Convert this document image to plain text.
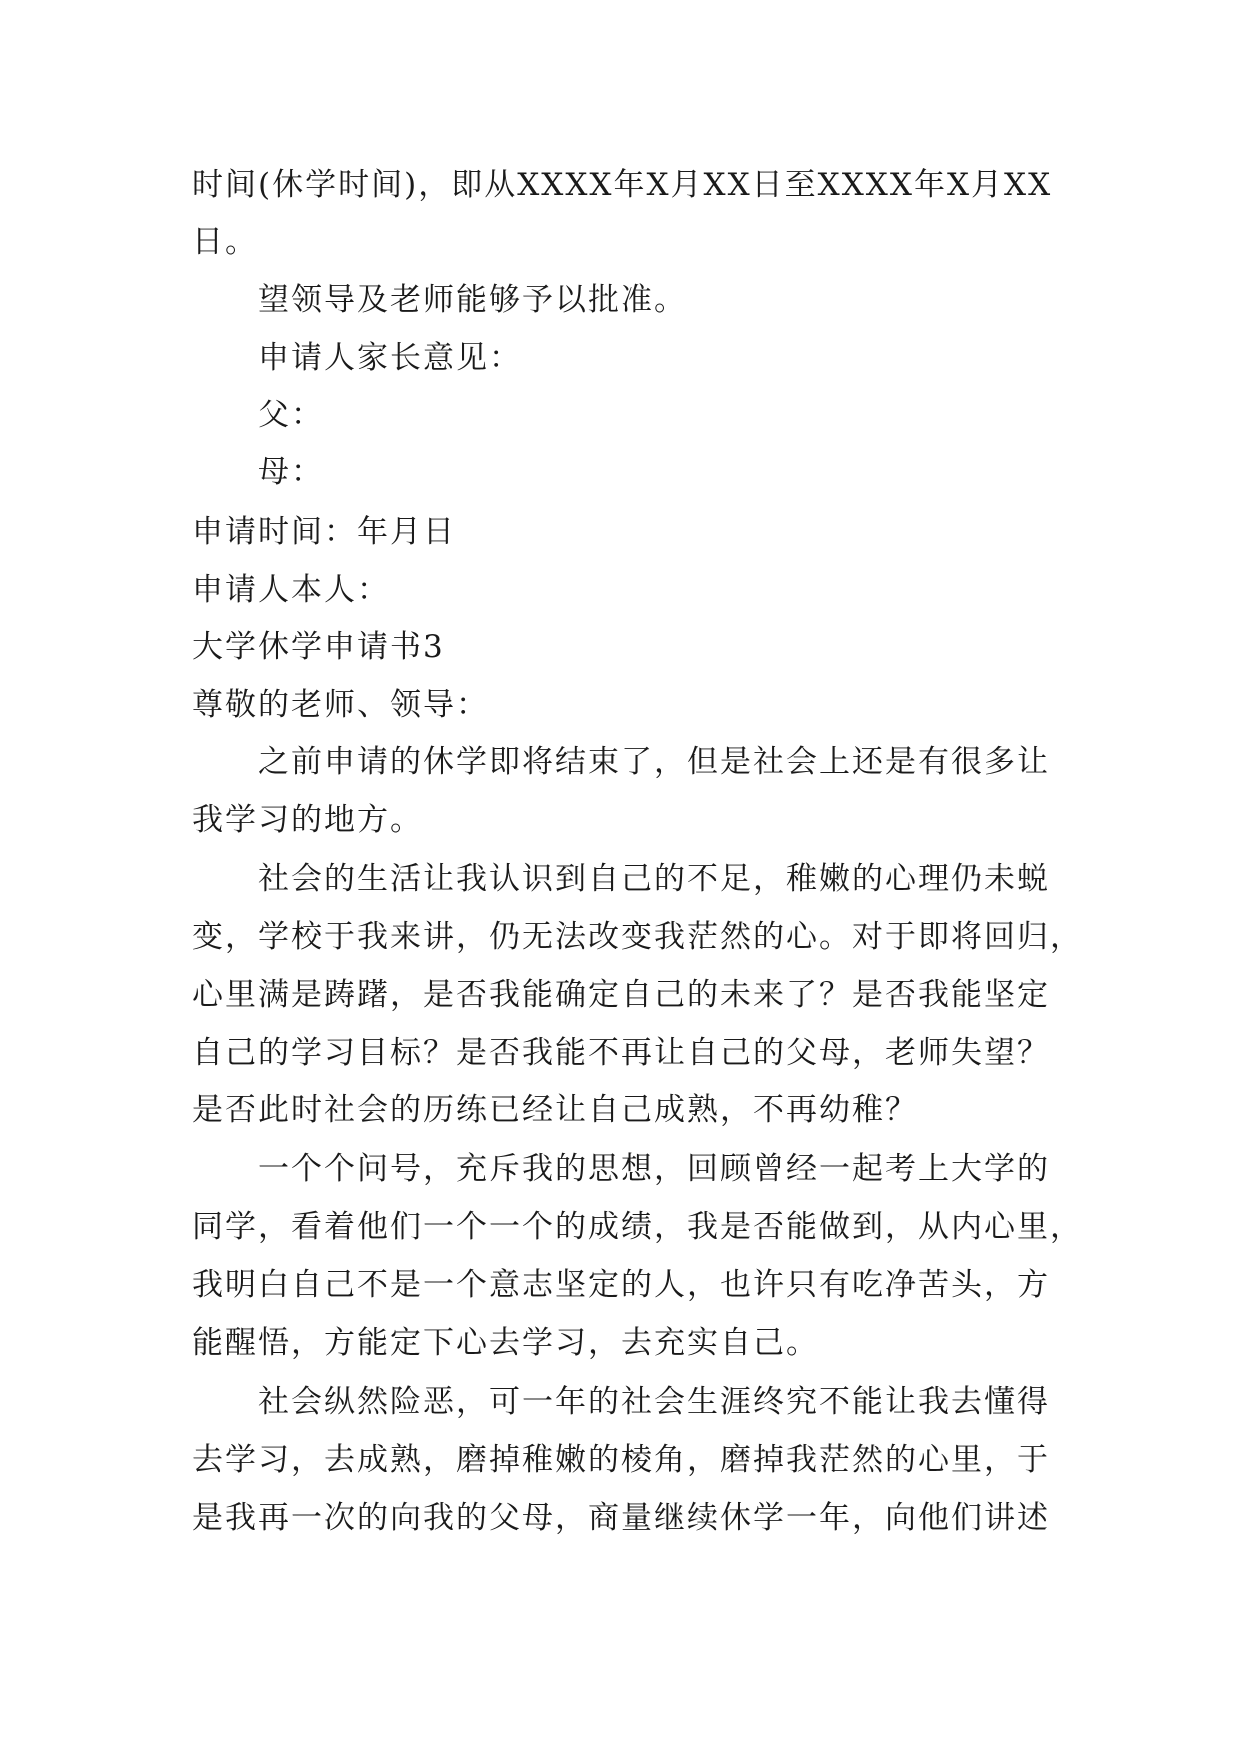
时间(休学时间)，即从XXXX年X月XX日至XXXX年X月XX
日。
望领导及老师能够予以批准。
申请人家长意见：
父：
母：
申请时间：年月日
申请人本人：
大学休学申请书3
尊敬的老师、领导：
之前申请的休学即将结束了，但是社会上还是有很多让
我学习的地方。
社会的生活让我认识到自己的不足，稚嫩的心理仍未蜕
变，学校于我来讲，仍无法改变我茫然的心。对于即将回归，
心里满是踌躇，是否我能确定自己的未来了？是否我能坚定
自己的学习目标？是否我能不再让自己的父母，老师失望？
是否此时社会的历练已经让自己成熟，不再幼稚？
一个个问号，充斥我的思想，回顾曾经一起考上大学的
同学，看着他们一个一个的成绩，我是否能做到，从内心里，
我明白自己不是一个意志坚定的人，也许只有吃净苦头，方
能醒悟，方能定下心去学习，去充实自己。
社会纵然险恶，可一年的社会生涯终究不能让我去懂得
去学习，去成熟，磨掉稚嫩的棱角，磨掉我茫然的心里，于
是我再一次的向我的父母，商量继续休学一年，向他们讲述
